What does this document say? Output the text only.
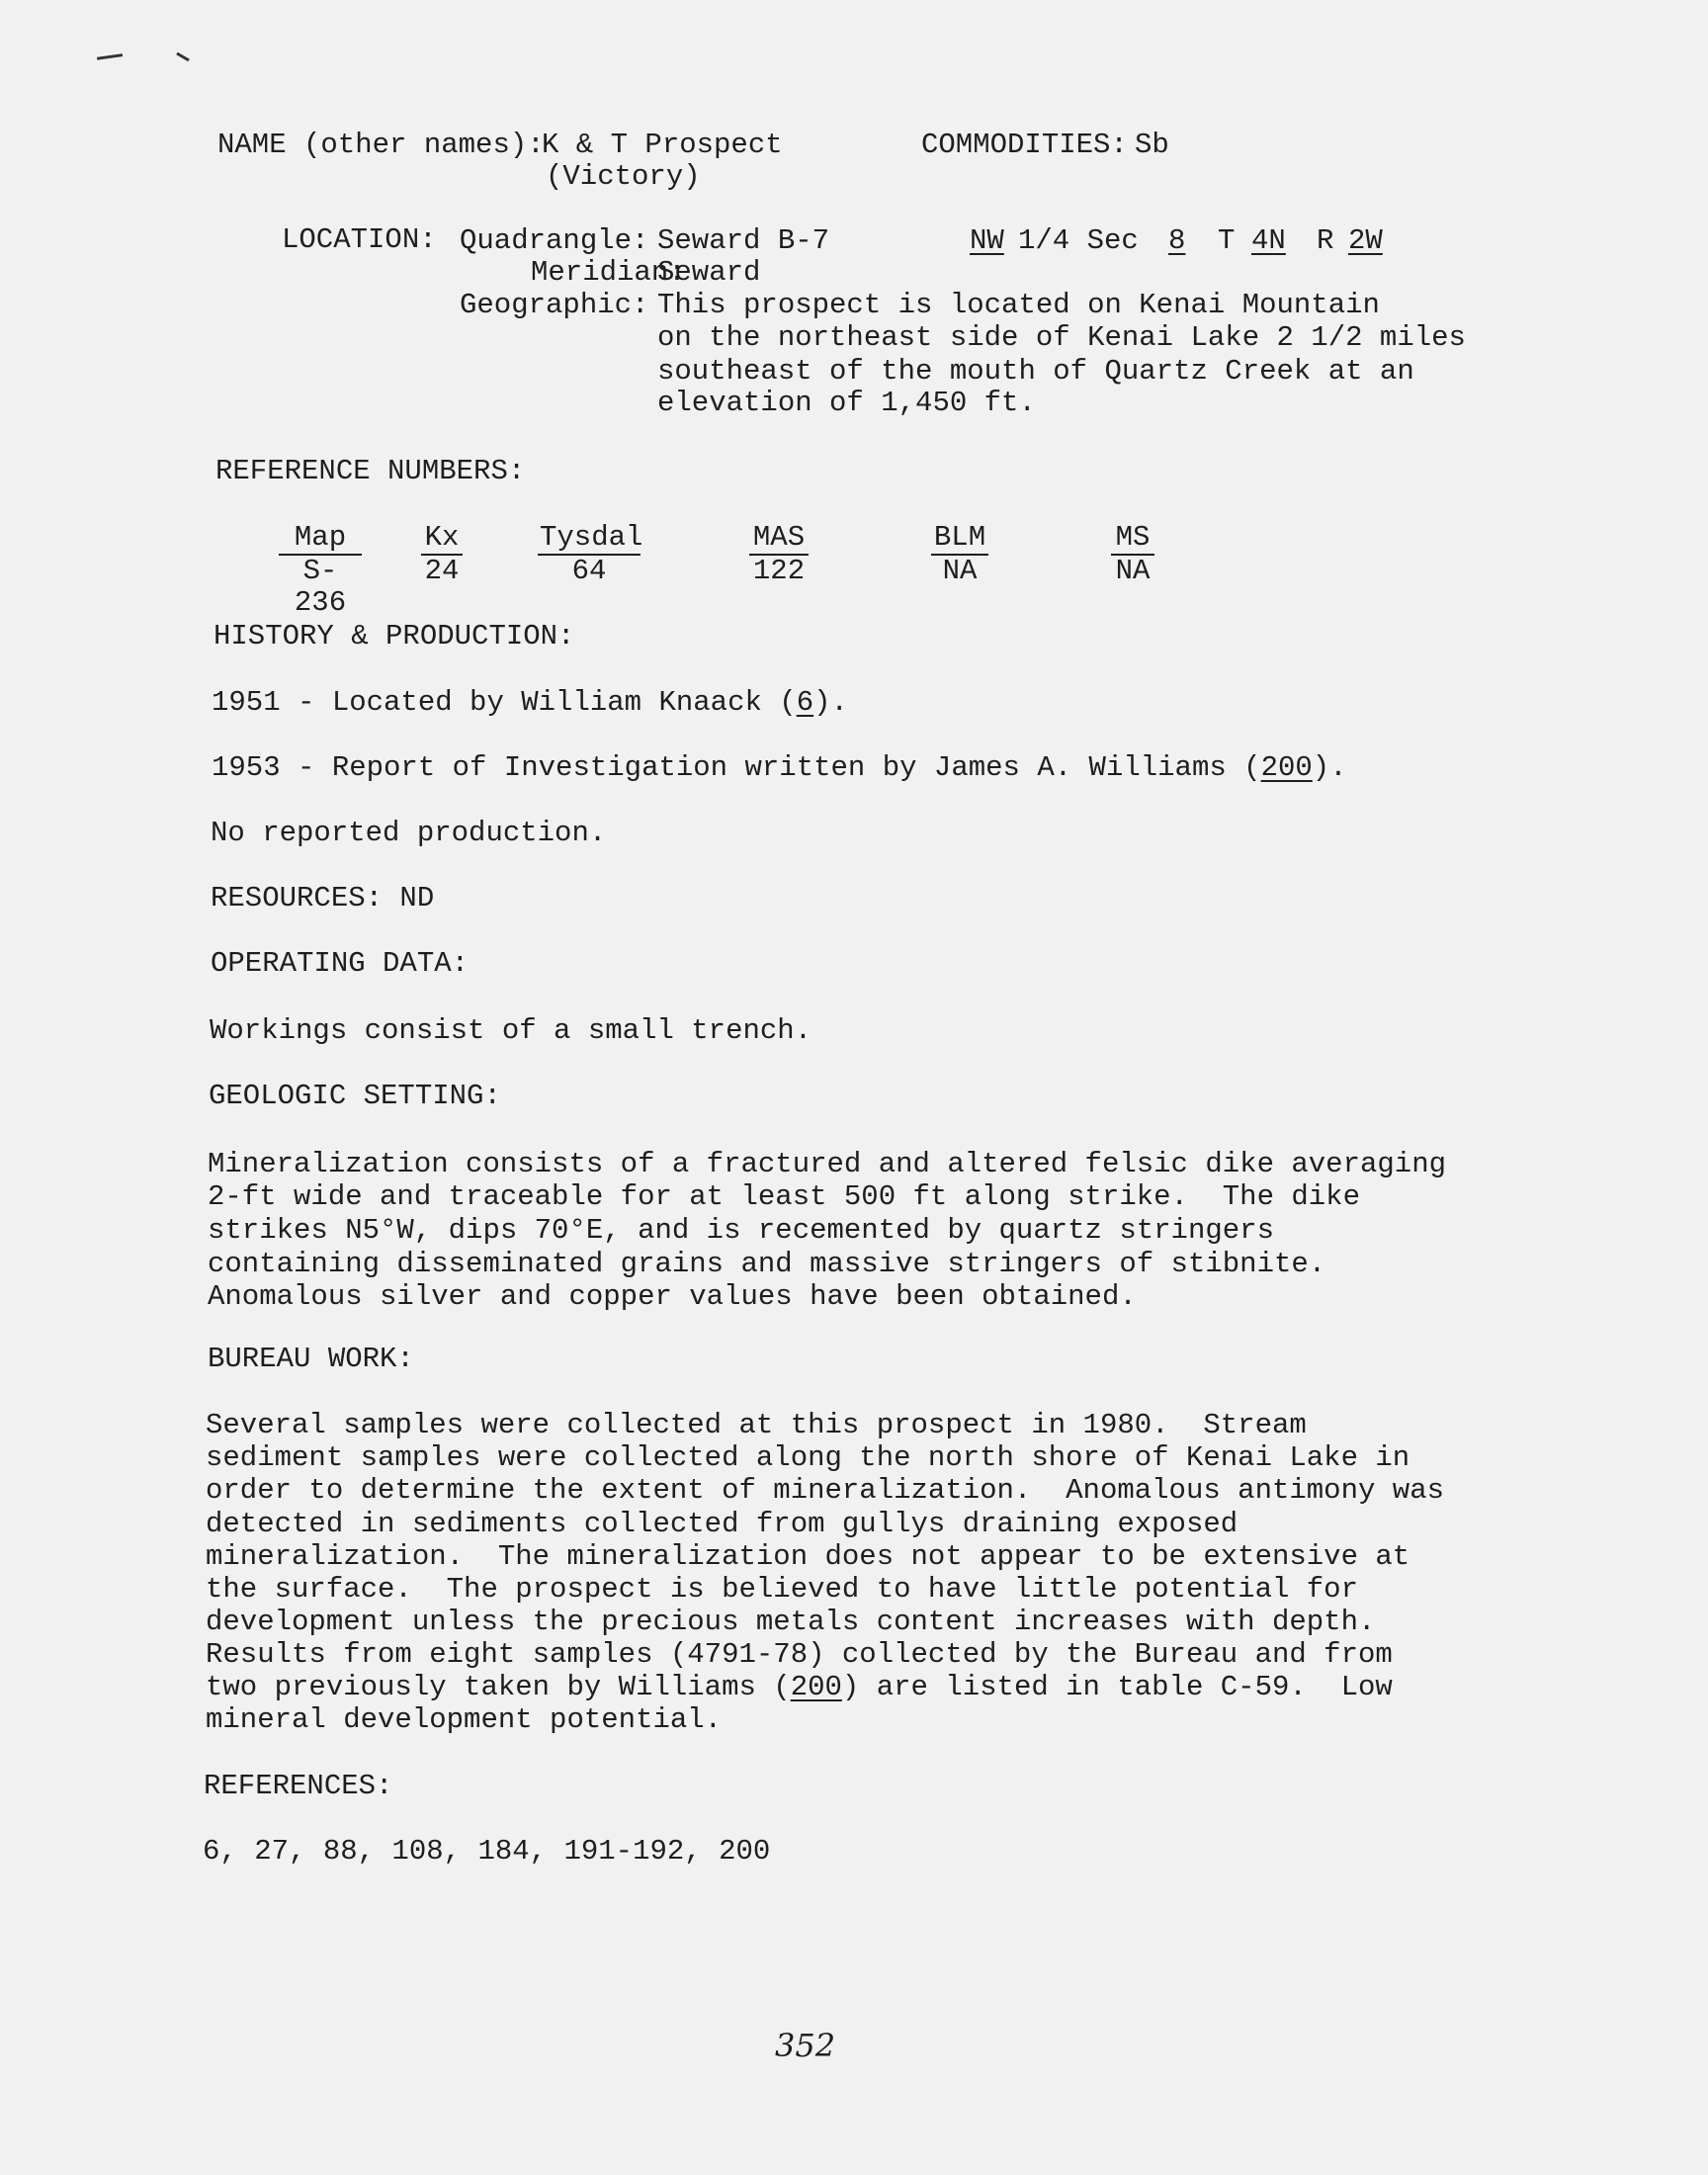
NAME (other names):
K & T Prospect
(Victory)
COMMODITIES: Sb
LOCATION: Quadrangle: Seward B-7
Meridian:
Seward
Geographic: This prospect is located on Kenai Mountain
on the northeast side of Kenai Lake 2 1/2 miles
southeast of the mouth of Quartz Creek at an
elevation of 1,450 ft.
NW 1/4 Sec 8 T 4N R 2W
REFERENCE NUMBERS:
Map
S-236
Kx
24
Tysdal
64
MAS
122
BLM
NA
MS
NA
HISTORY & PRODUCTION:
1951 - Located by William Knaack (6).
1953 - Report of Investigation written by James A. Williams (200).
No reported production.
RESOURCES: ND
OPERATING DATA:
Workings consist of a small trench.
GEOLOGIC SETTING:
Mineralization consists of a fractured and altered felsic dike averaging
2-ft wide and traceable for at least 500 ft along strike.  The dike
strikes N5°W, dips 70°E, and is recemented by quartz stringers
containing disseminated grains and massive stringers of stibnite.
Anomalous silver and copper values have been obtained.
BUREAU WORK:
Several samples were collected at this prospect in 1980.  Stream
sediment samples were collected along the north shore of Kenai Lake in
order to determine the extent of mineralization.  Anomalous antimony was
detected in sediments collected from gullys draining exposed
mineralization.  The mineralization does not appear to be extensive at
the surface.  The prospect is believed to have little potential for
development unless the precious metals content increases with depth.
Results from eight samples (4791-78) collected by the Bureau and from
two previously taken by Williams (200) are listed in table C-59.  Low
mineral development potential.
REFERENCES:
6, 27, 88, 108, 184, 191-192, 200
352
